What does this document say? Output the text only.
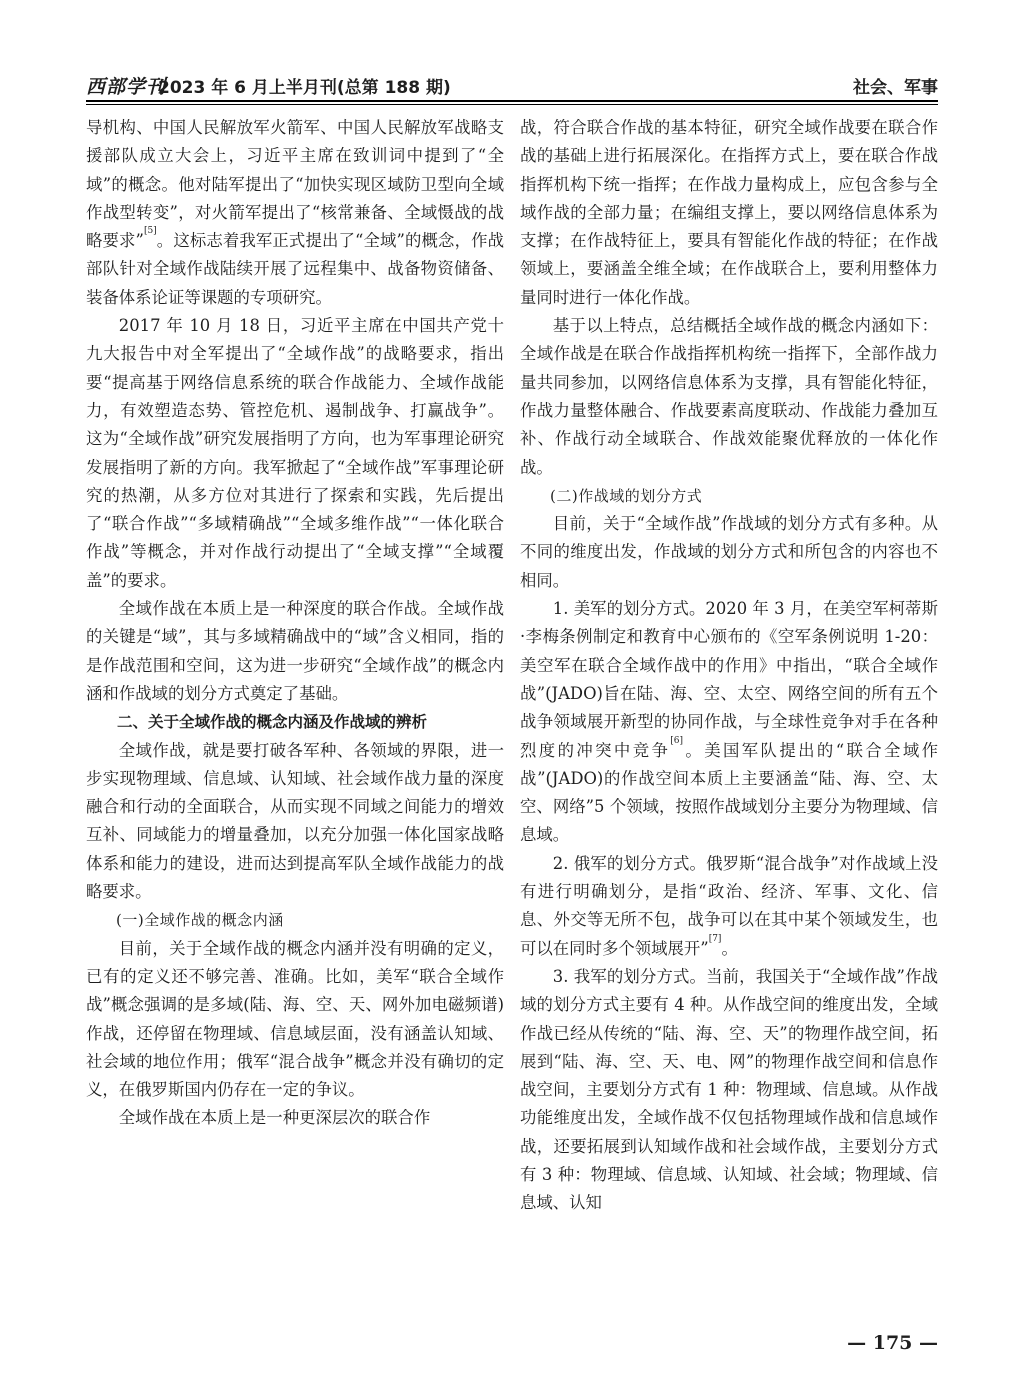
西部学刊
2023 年 6 月上半月刊(总第 188 期)	社会、军事

导机构、中国人民解放军火箭军、中国人民解放军战略支援部队成立大会上，习近平主席在致训词中提到了“全域”的概念。他对陆军提出了“加快实现区域防卫型向全域作战型转变”，对火箭军提出了“核常兼备、全域慑战的战略要求”[5]。这标志着我军正式提出了“全域”的概念，作战部队针对全域作战陆续开展了远程集中、战备物资储备、装备体系论证等课题的专项研究。

2017 年 10 月 18 日，习近平主席在中国共产党十九大报告中对全军提出了“全域作战”的战略要求，指出要“提高基于网络信息系统的联合作战能力、全域作战能力，有效塑造态势、管控危机、遏制战争、打赢战争”。这为“全域作战”研究发展指明了方向，也为军事理论研究发展指明了新的方向。我军掀起了“全域作战”军事理论研究的热潮，从多方位对其进行了探索和实践，先后提出了“联合作战”“多域精确战”“全域多维作战”“一体化联合作战”等概念，并对作战行动提出了“全域支撑”“全域覆盖”的要求。

全域作战在本质上是一种深度的联合作战。全域作战的关键是“域”，其与多域精确战中的“域”含义相同，指的是作战范围和空间，这为进一步研究“全域作战”的概念内涵和作战域的划分方式奠定了基础。

二、关于全域作战的概念内涵及作战域的辨析

全域作战，就是要打破各军种、各领域的界限，进一步实现物理域、信息域、认知域、社会域作战力量的深度融合和行动的全面联合，从而实现不同域之间能力的增效互补、同域能力的增量叠加，以充分加强一体化国家战略体系和能力的建设，进而达到提高军队全域作战能力的战略要求。

(一)全域作战的概念内涵

目前，关于全域作战的概念内涵并没有明确的定义，已有的定义还不够完善、准确。比如，美军“联合全域作战”概念强调的是多域(陆、海、空、天、网外加电磁频谱)作战，还停留在物理域、信息域层面，没有涵盖认知域、社会域的地位作用；俄军“混合战争”概念并没有确切的定义，在俄罗斯国内仍存在一定的争议。

全域作战在本质上是一种更深层次的联合作

战，符合联合作战的基本特征，研究全域作战要在联合作战的基础上进行拓展深化。在指挥方式上，要在联合作战指挥机构下统一指挥；在作战力量构成上，应包含参与全域作战的全部力量；在编组支撑上，要以网络信息体系为支撑；在作战特征上，要具有智能化作战的特征；在作战领域上，要涵盖全维全域；在作战联合上，要利用整体力量同时进行一体化作战。

基于以上特点，总结概括全域作战的概念内涵如下：全域作战是在联合作战指挥机构统一指挥下，全部作战力量共同参加，以网络信息体系为支撑，具有智能化特征，作战力量整体融合、作战要素高度联动、作战能力叠加互补、作战行动全域联合、作战效能聚优释放的一体化作战。

(二)作战域的划分方式

目前，关于“全域作战”作战域的划分方式有多种。从不同的维度出发，作战域的划分方式和所包含的内容也不相同。

1. 美军的划分方式。2020 年 3 月，在美空军柯蒂斯·李梅条例制定和教育中心颁布的《空军条例说明 1-20：美空军在联合全域作战中的作用》中指出，“联合全域作战”(JADO)旨在陆、海、空、太空、网络空间的所有五个战争领域展开新型的协同作战，与全球性竞争对手在各种烈度的冲突中竞争[6]。美国军队提出的“联合全域作战”(JADO)的作战空间本质上主要涵盖“陆、海、空、太空、网络”5 个领域，按照作战域划分主要分为物理域、信息域。

2. 俄军的划分方式。俄罗斯“混合战争”对作战域上没有进行明确划分，是指“政治、经济、军事、文化、信息、外交等无所不包，战争可以在其中某个领域发生，也可以在同时多个领域展开”[7]。

3. 我军的划分方式。当前，我国关于“全域作战”作战域的划分方式主要有 4 种。从作战空间的维度出发，全域作战已经从传统的“陆、海、空、天”的物理作战空间，拓展到“陆、海、空、天、电、网”的物理作战空间和信息作战空间，主要划分方式有 1 种：物理域、信息域。从作战功能维度出发，全域作战不仅包括物理域作战和信息域作战，还要拓展到认知域作战和社会域作战，主要划分方式有 3 种：物理域、信息域、认知域、社会域；物理域、信息域、认知

— 175 —
